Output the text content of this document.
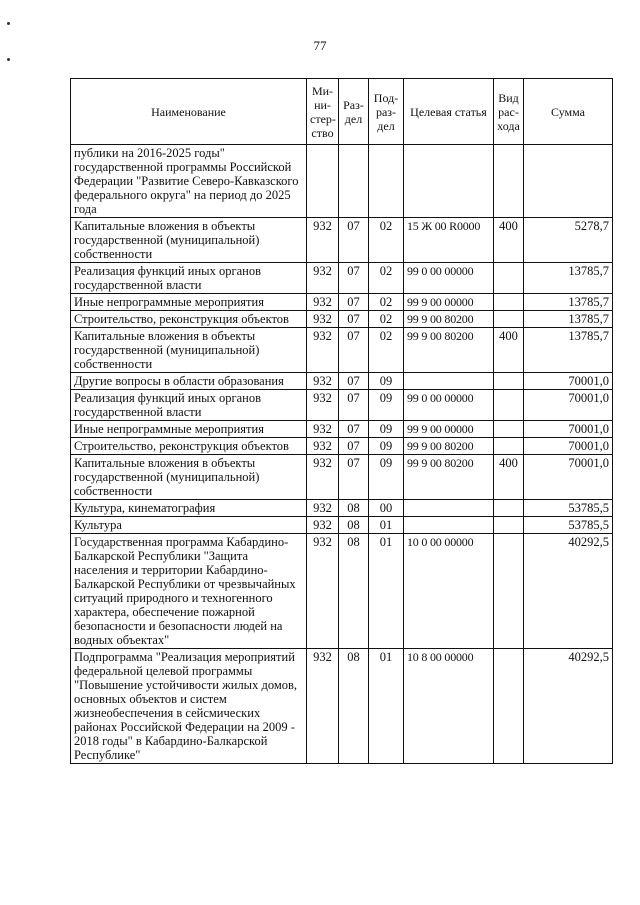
77
Наименование	Ми-ни-стер-ство	Раз-дел	Под-раз-дел	Целевая статья	Вид рас-хода	Сумма
публики на 2016-2025 годы" государственной программы Российской Федерации "Развитие Северо-Кавказского федерального округа" на период до 2025 года						
Капитальные вложения в объекты государственной (муниципальной) собственности	932	07	02	15 Ж 00 R0000	400	5278,7
Реализация функций иных органов государственной власти	932	07	02	99 0 00 00000		13785,7
Иные непрограммные мероприятия	932	07	02	99 9 00 00000		13785,7
Строительство, реконструкция объектов	932	07	02	99 9 00 80200		13785,7
Капитальные вложения в объекты государственной (муниципальной) собственности	932	07	02	99 9 00 80200	400	13785,7
Другие вопросы в области образования	932	07	09			70001,0
Реализация функций иных органов государственной власти	932	07	09	99 0 00 00000		70001,0
Иные непрограммные мероприятия	932	07	09	99 9 00 00000		70001,0
Строительство, реконструкция объектов	932	07	09	99 9 00 80200		70001,0
Капитальные вложения в объекты государственной (муниципальной) собственности	932	07	09	99 9 00 80200	400	70001,0
Культура, кинематография	932	08	00			53785,5
Культура	932	08	01			53785,5
Государственная программа Кабардино-Балкарской Республики "Защита населения и территории Кабардино-Балкарской Республики от чрезвычайных ситуаций природного и техногенного характера, обеспечение пожарной безопасности и безопасности людей на водных объектах"	932	08	01	10 0 00 00000		40292,5
Подпрограмма "Реализация мероприятий федеральной целевой программы "Повышение устойчивости жилых домов, основных объектов и систем жизнеобеспечения в сейсмических районах Российской Федерации на 2009 - 2018 годы" в Кабардино-Балкарской Республике"	932	08	01	10 8 00 00000		40292,5
